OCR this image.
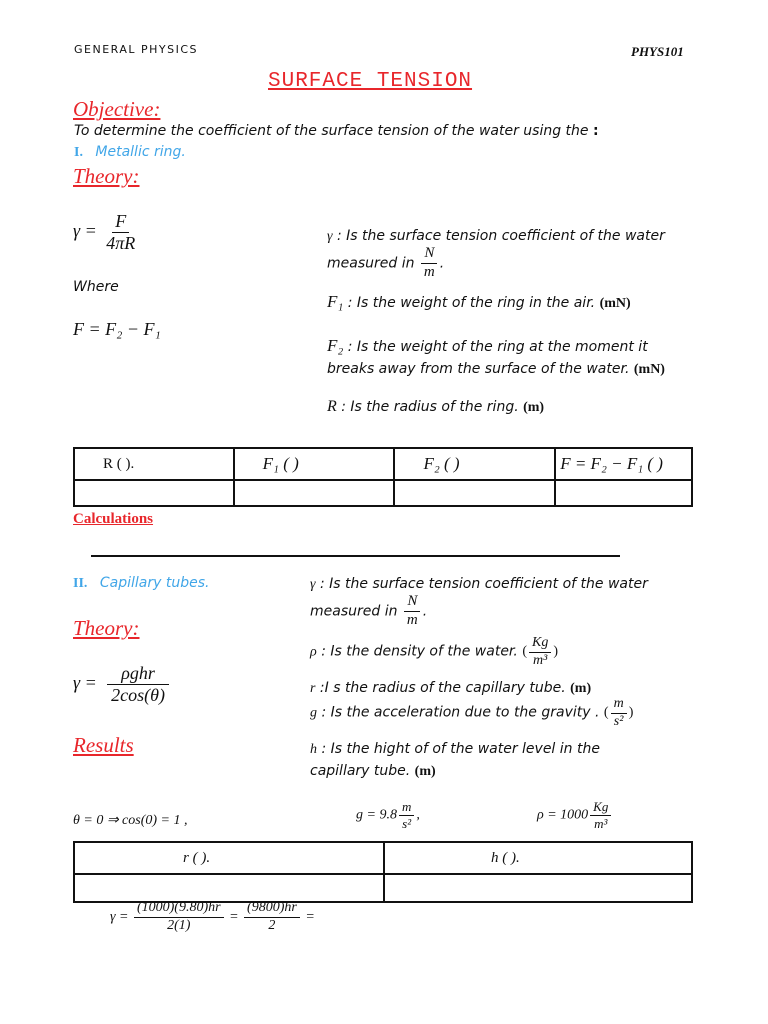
GENERAL PHYSICS	PHYS101
SURFACE TENSION
Objective:
To determine the coefficient of the surface tension of the water using the :
I. Metallic ring.
Theory:
$\gamma = \frac{F}{4\pi R}$
Where
F = F₂ − F₁
γ : Is the surface tension coefficient of the water
measured in $\frac{N}{m}$ .
F₁ : Is the weight of the ring in the air. (mN)
F₂ : Is the weight of the ring at the moment it
breaks away from the surface of the water. (mN)
R : Is the radius of the ring. (m)
R ( ).	F₁ ( )	F₂ ( )	F = F₂ − F₁ ( )

Calculations
II. Capillary tubes.
Theory:
$\gamma = \frac{\text{ρghr}}{2\cos(\theta)}$
Results
γ : Is the surface tension coefficient of the water
measured in $\frac{N}{m}$ .
ρ : Is the density of the water. ( $\frac{Kg}{\text{m³}}$ )
r :I s the radius of the capillary tube. (m)
g : Is the acceleration due to the gravity . ( $\frac{m}{\text{s²}}$ )
h : Is the hight of of the water level in the
capillary tube. (m)
θ = 0 ⇒ cos(0) = 1 ,	$g = 9.8 \frac{m}{\text{s²}}$ ,	$\rho = 1000 \frac{Kg}{\text{m³}}$
r ( ).	h ( ).

$\gamma = \frac{(1000)(9.80)hr}{2(1)} = \frac{(9800)hr}{2}$ =
